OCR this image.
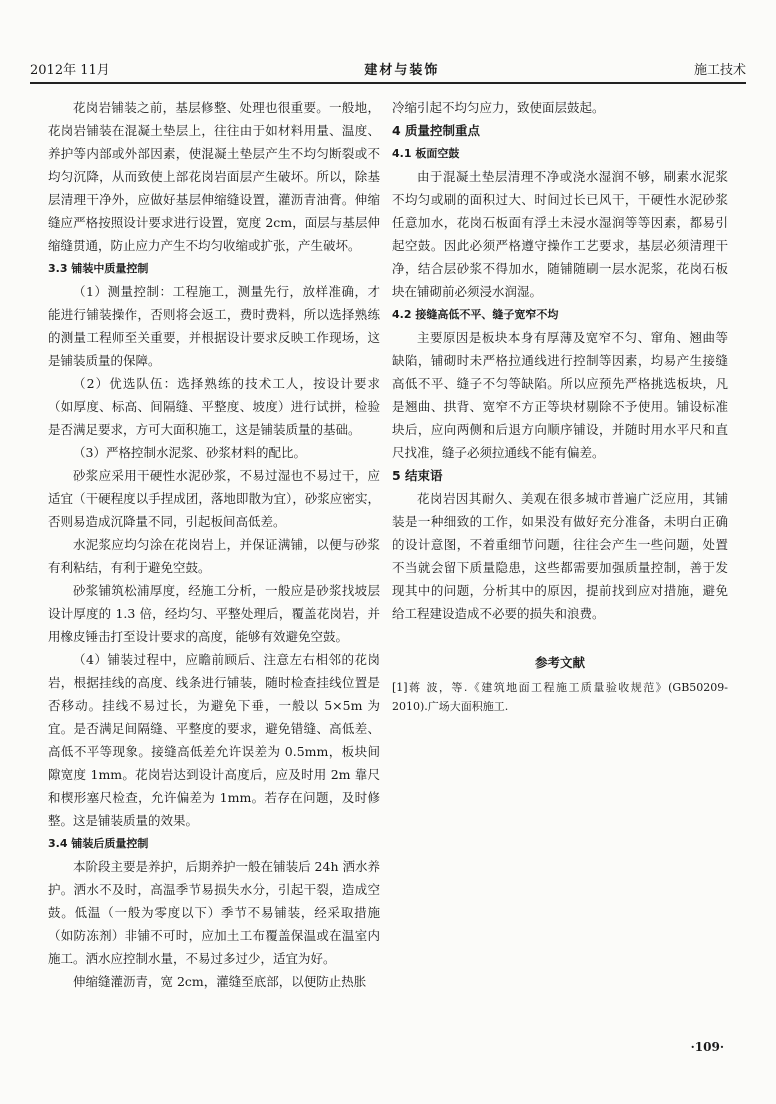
2012年 11月	建材与装饰	施工技术

花岗岩铺装之前，基层修整、处理也很重要。一般地，花岗岩铺装在混凝土垫层上，往往由于如材料用量、温度、养护等内部或外部因素，使混凝土垫层产生不均匀断裂或不均匀沉降，从而致使上部花岗岩面层产生破坏。所以，除基层清理干净外，应做好基层伸缩缝设置，灌沥青油膏。伸缩缝应严格按照设计要求进行设置，宽度 2cm，面层与基层伸缩缝贯通，防止应力产生不均匀收缩或扩张，产生破坏。

3.3 铺装中质量控制

（1）测量控制：工程施工，测量先行，放样准确，才能进行铺装操作，否则将会返工，费时费料，所以选择熟练的测量工程师至关重要，并根据设计要求反映工作现场，这是铺装质量的保障。

（2）优选队伍：选择熟练的技术工人，按设计要求（如厚度、标高、间隔缝、平整度、坡度）进行试拼，检验是否满足要求，方可大面积施工，这是铺装质量的基础。

（3）严格控制水泥浆、砂浆材料的配比。

砂浆应采用干硬性水泥砂浆，不易过湿也不易过干，应适宜（干硬程度以手捏成团，落地即散为宜），砂浆应密实，否则易造成沉降量不同，引起板间高低差。

水泥浆应均匀涂在花岗岩上，并保证满铺，以便与砂浆有利粘结，有利于避免空鼓。

砂浆铺筑松浦厚度，经施工分析，一般应是砂浆找坡层设计厚度的 1.3 倍，经均匀、平整处理后，覆盖花岗岩，并用橡皮锤击打至设计要求的高度，能够有效避免空鼓。

（4）铺装过程中，应瞻前顾后、注意左右相邻的花岗岩，根据挂线的高度、线条进行铺装，随时检查挂线位置是否移动。挂线不易过长，为避免下垂，一般以 5×5m 为宜。是否满足间隔缝、平整度的要求，避免错缝、高低差、高低不平等现象。接缝高低差允许误差为 0.5mm，板块间隙宽度 1mm。花岗岩达到设计高度后，应及时用 2m 靠尺和楔形塞尺检查，允许偏差为 1mm。若存在问题，及时修整。这是铺装质量的效果。

3.4 铺装后质量控制

本阶段主要是养护，后期养护一般在铺装后 24h 洒水养护。洒水不及时，高温季节易损失水分，引起干裂，造成空鼓。低温（一般为零度以下）季节不易铺装，经采取措施（如防冻剂）非铺不可时，应加土工布覆盖保温或在温室内施工。洒水应控制水量，不易过多过少，适宜为好。

伸缩缝灌沥青，宽 2cm，灌缝至底部，以便防止热胀

冷缩引起不均匀应力，致使面层鼓起。

4 质量控制重点

4.1 板面空鼓

由于混凝土垫层清理不净或浇水湿润不够，刷素水泥浆不均匀或刷的面积过大、时间过长已风干，干硬性水泥砂浆任意加水，花岗石板面有浮土未浸水湿润等等因素，都易引起空鼓。因此必须严格遵守操作工艺要求，基层必须清理干净，结合层砂浆不得加水，随铺随刷一层水泥浆，花岗石板块在铺砌前必须浸水润湿。

4.2 接缝高低不平、缝子宽窄不均

主要原因是板块本身有厚薄及宽窄不匀、窜角、翘曲等缺陷，铺砌时未严格拉通线进行控制等因素，均易产生接缝高低不平、缝子不匀等缺陷。所以应预先严格挑选板块，凡是翘曲、拱背、宽窄不方正等块材剔除不予使用。铺设标准块后，应向两侧和后退方向顺序铺设，并随时用水平尺和直尺找准，缝子必须拉通线不能有偏差。

5 结束语

花岗岩因其耐久、美观在很多城市普遍广泛应用，其铺装是一种细致的工作，如果没有做好充分准备，未明白正确的设计意图，不着重细节问题，往往会产生一些问题，处置不当就会留下质量隐患，这些都需要加强质量控制，善于发现其中的问题，分析其中的原因，提前找到应对措施，避免给工程建设造成不必要的损失和浪费。

参考文献

[1]蒋 波，等.《建筑地面工程施工质量验收规范》(GB50209-2010).广场大面积施工.

·109·
